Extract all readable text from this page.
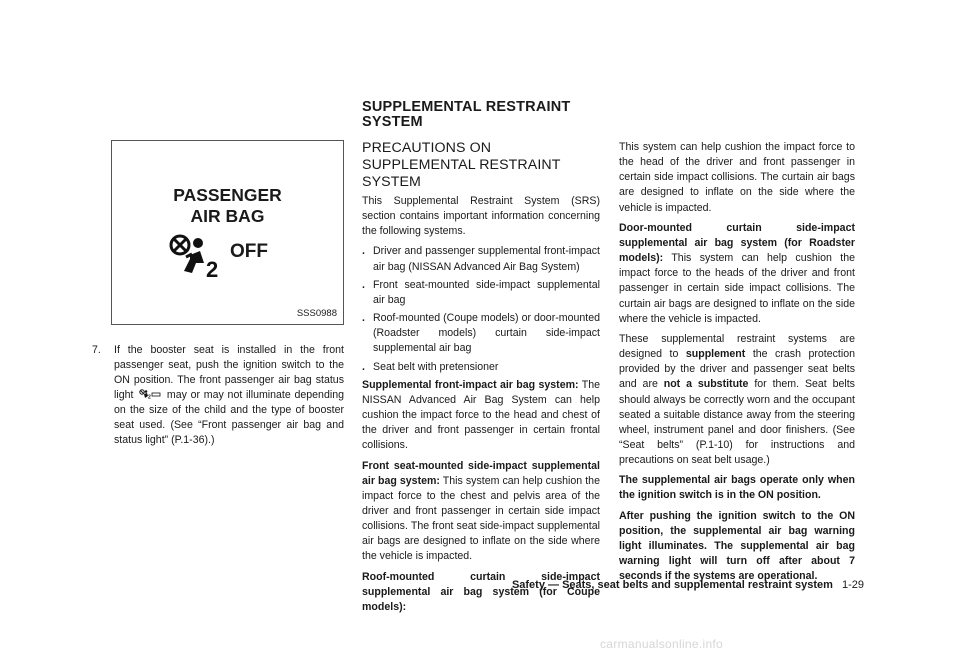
SUPPLEMENTAL RESTRAINT
SYSTEM
PASSENGER
AIR BAG
2
OFF
SSS0988
7. If the booster seat is installed in the front passenger seat, push the ignition switch to the ON position. The front passenger air bag status light	2 may or may not illuminate depending on the size of the child and the type of booster seat used. (See “Front passenger air bag and status light” (P.1-36).)
PRECAUTIONS ON SUPPLEMENTAL RESTRAINT SYSTEM

This Supplemental Restraint System (SRS) section contains important information concerning the following systems.

. Driver and passenger supplemental front-impact air bag (NISSAN Advanced Air Bag System)
. Front seat-mounted side-impact supplemental air bag
. Roof-mounted (Coupe models) or door-mounted (Roadster models) curtain side-impact supplemental air bag
. Seat belt with pretensioner

Supplemental front-impact air bag system: The NISSAN Advanced Air Bag System can help cushion the impact force to the head and chest of the driver and front passenger in certain frontal collisions.

Front seat-mounted side-impact supplemental air bag system: This system can help cushion the impact force to the chest and pelvis area of the driver and front passenger in certain side impact collisions. The front seat side-impact supplemental air bags are designed to inflate on the side where the vehicle is impacted.

Roof-mounted curtain side-impact supplemental air bag system (for Coupe models):

This system can help cushion the impact force to the head of the driver and front passenger in certain side impact collisions. The curtain air bags are designed to inflate on the side where the vehicle is impacted.

Door-mounted curtain side-impact supplemental air bag system (for Roadster models): This system can help cushion the impact force to the heads of the driver and front passenger in certain side impact collisions. The curtain air bags are designed to inflate on the side where the vehicle is impacted.

These supplemental restraint systems are designed to supplement the crash protection provided by the driver and passenger seat belts and are not a substitute for them. Seat belts should always be correctly worn and the occupant seated a suitable distance away from the steering wheel, instrument panel and door finishers. (See “Seat belts” (P.1-10) for instructions and precautions on seat belt usage.)

The supplemental air bags operate only when the ignition switch is in the ON position.

After pushing the ignition switch to the ON position, the supplemental air bag warning light illuminates. The supplemental air bag warning light will turn off after about 7 seconds if the systems are operational.

Safety — Seats, seat belts and supplemental restraint system 1-29
carmanualsonline.info
